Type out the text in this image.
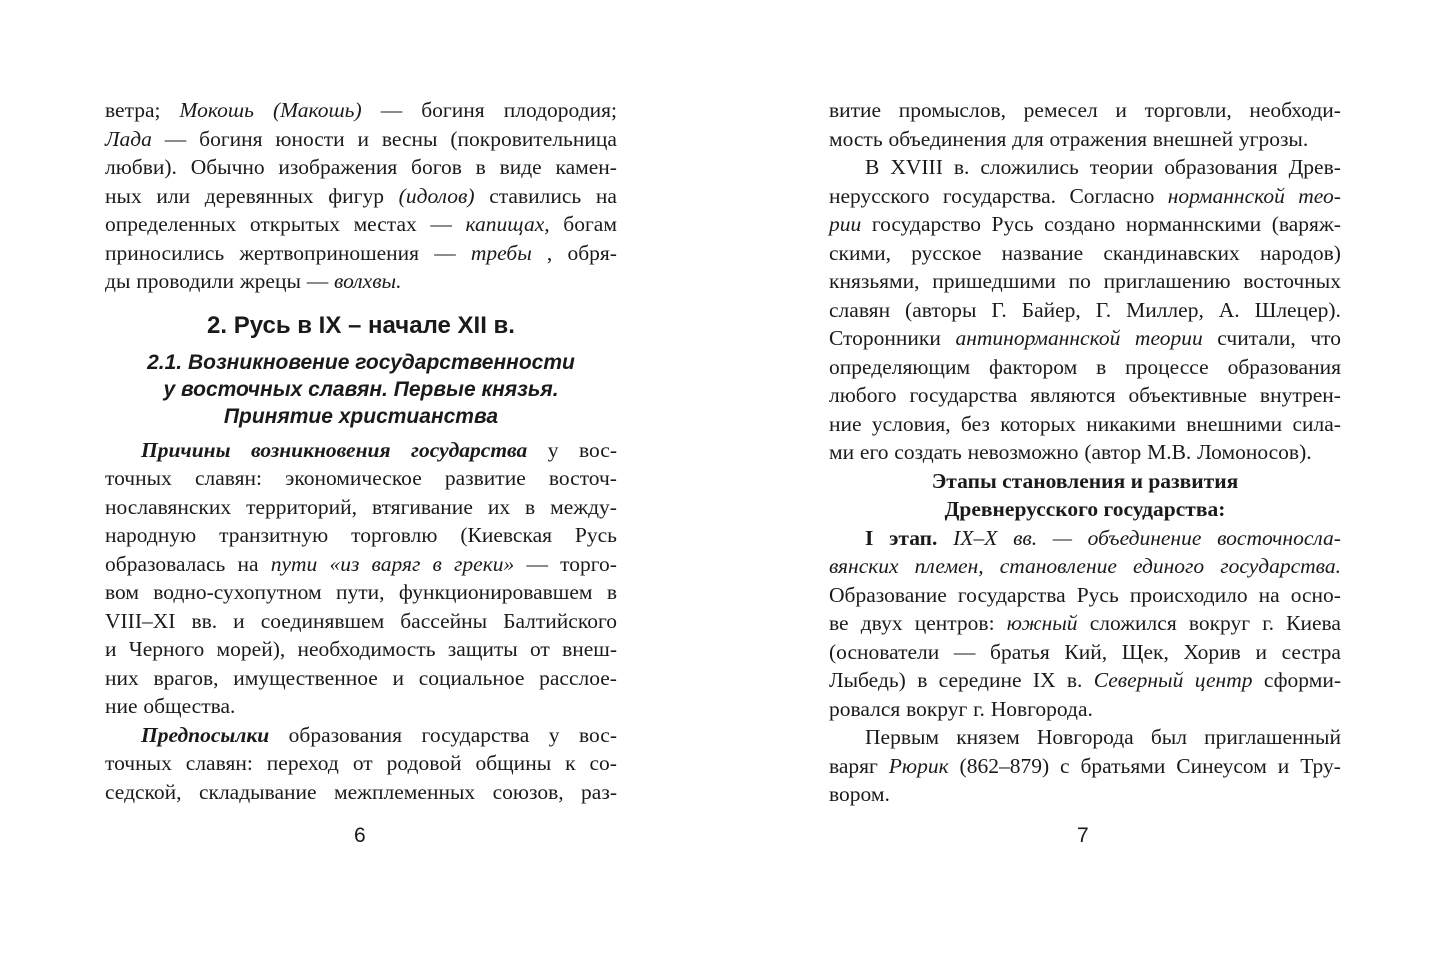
ветра; Мокошь (Макошь) — богиня плодородия;
Лада — богиня юности и весны (покровительница
любви). Обычно изображения богов в виде камен-
ных или деревянных фигур (идолов) ставились на
определенных открытых местах — капищах, богам
приносились жертвоприношения — требы , обря-
ды проводили жрецы — волхвы.
2. Русь в IX – начале XII в.
2.1. Возникновение государственности
у восточных славян. Первые князья.
Принятие христианства
Причины возникновения государства у вос-
точных славян: экономическое развитие восточ-
нославянских территорий, втягивание их в между-
народную транзитную торговлю (Киевская Русь
образовалась на пути «из варяг в греки» — торго-
вом водно-сухопутном пути, функционировавшем в
VIII–XI вв. и соединявшем бассейны Балтийского
и Черного морей), необходимость защиты от внеш-
них врагов, имущественное и социальное расслое-
ние общества.
Предпосылки образования государства у вос-
точных славян: переход от родовой общины к со-
седской, складывание межплеменных союзов, раз-
витие промыслов, ремесел и торговли, необходи-
мость объединения для отражения внешней угрозы.
В XVIII в. сложились теории образования Древ-
нерусского государства. Согласно норманнской тео-
рии государство Русь создано норманнскими (варяж-
скими, русское название скандинавских народов)
князьями, пришедшими по приглашению восточных
славян (авторы Г. Байер, Г. Миллер, А. Шлецер).
Сторонники антинорманнской теории считали, что
определяющим фактором в процессе образования
любого государства являются объективные внутрен-
ние условия, без которых никакими внешними сила-
ми его создать невозможно (автор М.В. Ломоносов).
Этапы становления и развития
Древнерусского государства:
I этап. IX–X вв. — объединение восточносла-
вянских племен, становление единого государства.
Образование государства Русь происходило на осно-
ве двух центров: южный сложился вокруг г. Киева
(основатели — братья Кий, Щек, Хорив и сестра
Лыбедь) в середине IX в. Северный центр сформи-
ровался вокруг г. Новгорода.
Первым князем Новгорода был приглашенный
варяг Рюрик (862–879) с братьями Синеусом и Тру-
вором.
6	7
